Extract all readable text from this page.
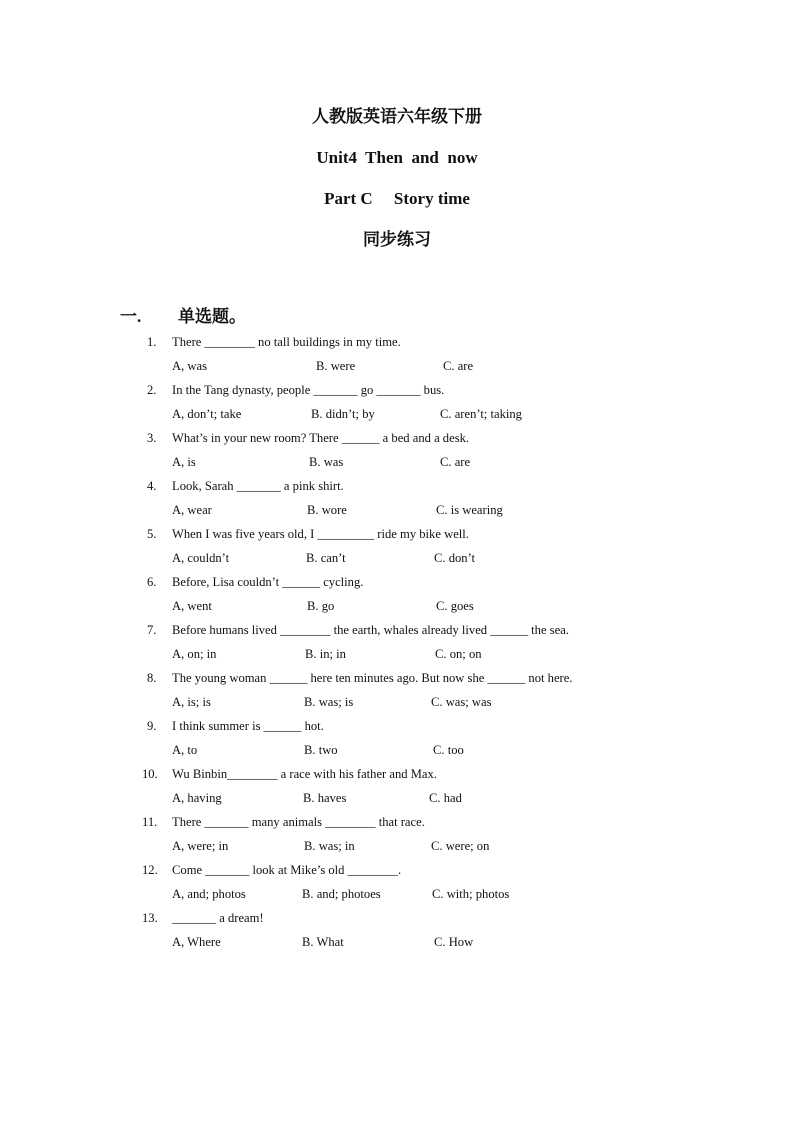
人教版英语六年级下册
Unit4  Then  and  now
Part C     Story time
同步练习
一. 单选题。
1. There ________ no tall buildings in my time.
A, was	B. were	C. are
2. In the Tang dynasty, people _______ go _______ bus.
A, don’t; take	B. didn’t; by	C. aren’t; taking
3. What’s in your new room? There ______ a bed and a desk.
A, is	B. was	C. are
4. Look, Sarah _______ a pink shirt.
A, wear	B. wore	C. is wearing
5. When I was five years old, I _________ ride my bike well.
A, couldn’t	B. can’t	C. don’t
6. Before, Lisa couldn’t ______ cycling.
A, went	B. go	C. goes
7. Before humans lived ________ the earth, whales already lived ______ the sea.
A, on; in	B. in; in	C. on; on
8. The young woman ______ here ten minutes ago. But now she ______ not here.
A, is; is	B. was; is	C. was; was
9. I think summer is ______ hot.
A, to	B. two	C. too
10. Wu Binbin________ a race with his father and Max.
A, having	B. haves	C. had
11. There _______ many animals ________ that race.
A, were; in	B. was; in	C. were; on
12. Come _______ look at Mike’s old ________.
A, and; photos	B. and; photoes	C. with; photos
13. _______ a dream!
A, Where	B. What	C. How
